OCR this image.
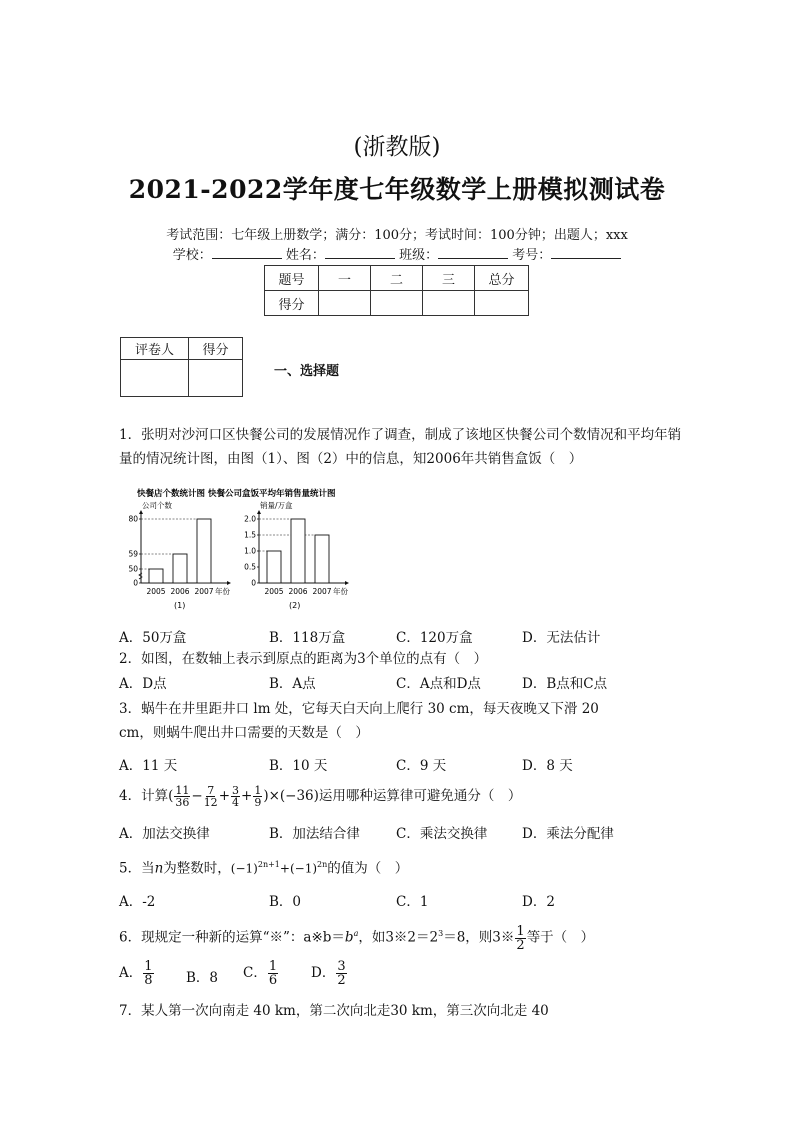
(浙教版)
2021-2022学年度七年级数学上册模拟测试卷
考试范围：七年级上册数学；满分：100分；考试时间：100分钟；出题人；xxx
学校：	姓名：	班级：	考号：
题号	一	二	三	总分
得分				
评卷人	得分

一、选择题
1．张明对沙河口区快餐公司的发展情况作了调查，制成了该地区快餐公司个数情况和平均年销量的情况统计图，由图（1）、图（2）中的信息，知2006年共销售盒饭（　）
快餐店个数统计图 快餐公司盒饭平均年销售量统计图
公司个数
年份
0
50
59
80
2005 2006 2007
销量/万盒
年份
0
0.5
1.0
1.5
2.0
2005 2006 2007
(1)	(2)
A．50万盒	B．118万盒	C．120万盒	D．无法估计
2．如图，在数轴上表示到原点的距离为3个单位的点有（　）
A．D点	B．A点	C．A点和D点	D．B点和C点
3．蜗牛在井里距井口 lm 处，它每天白天向上爬行 30 cm，每天夜晚又下滑 20 cm，则蜗牛爬出井口需要的天数是（　）
A．11 天	B．10 天	C．9 天	D．8 天
4．计算( $\frac{11}{36} - \frac{7}{12} + \frac{3}{4} + \frac{1}{9} )\times(-36)$运用哪种运算律可避免通分（　）
A．加法交换律	B．加法结合律	C．乘法交换律	D．乘法分配律
5．当n为整数时，$(-1)^{2n+1}+(-1)^{2n}$的值为（　）
A．-2	B．0	C．1	D．2
6．现规定一种新的运算“※”：$a※b=b^a$，如$3※2=2^3=8$，则3※ $\frac{1}{2}$ 等于（　）
A． $\frac{1}{8}$ B．8 C． $\frac{1}{6}$ D． $\frac{3}{2}$
7．某人第一次向南走 40 km，第二次向北走30 km，第三次向北走 40
